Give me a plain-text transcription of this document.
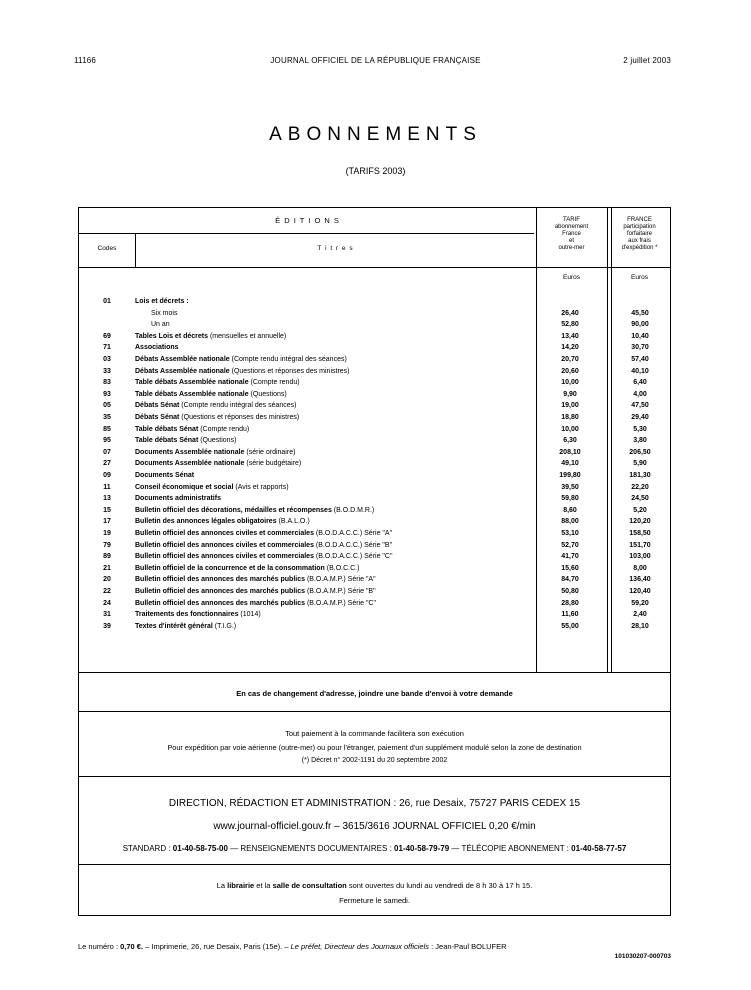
11166	JOURNAL OFFICIEL DE LA RÉPUBLIQUE FRANÇAISE	2 juillet 2003
ABONNEMENTS
(TARIFS 2003)
É D I T I O N S
Codes	T i t r e s
TARIF
abonnement
France
et
outre-mer
FRANCE
participation
forfaitaire
aux frais
d'expédition *
Euros	Euros
01	Lois et décrets :
Six mois	26,40	45,50
Un an	52,80	90,00
69	Tables Lois et décrets (mensuelles et annuelle)	13,40	10,40
71	Associations	14,20	30,70
03	Débats Assemblée nationale (Compte rendu intégral des séances)	20,70	57,40
33	Débats Assemblée nationale (Questions et réponses des ministres)	20,60	40,10
83	Table débats Assemblée nationale (Compte rendu)	10,00	6,40
93	Table débats Assemblée nationale (Questions)	9,90	4,00
05	Débats Sénat (Compte rendu intégral des séances)	19,00	47,50
35	Débats Sénat (Questions et réponses des ministres)	18,80	29,40
85	Table débats Sénat (Compte rendu)	10,00	5,30
95	Table débats Sénat (Questions)	6,30	3,80
07	Documents Assemblée nationale (série ordinaire)	208,10	206,50
27	Documents Assemblée nationale (série budgétaire)	49,10	5,90
09	Documents Sénat	199,80	181,30
11	Conseil économique et social (Avis et rapports)	39,50	22,20
13	Documents administratifs	59,80	24,50
15	Bulletin officiel des décorations, médailles et récompenses (B.O.D.M.R.)	8,60	5,20
17	Bulletin des annonces légales obligatoires (B.A.L.O.)	88,00	120,20
19	Bulletin officiel des annonces civiles et commerciales (B.O.D.A.C.C.) Série "A"	53,10	158,50
79	Bulletin officiel des annonces civiles et commerciales (B.O.D.A.C.C.) Série "B"	52,70	151,70
89	Bulletin officiel des annonces civiles et commerciales (B.O.D.A.C.C.) Série "C"	41,70	103,00
21	Bulletin officiel de la concurrence et de la consommation (B.O.C.C.)	15,60	8,00
20	Bulletin officiel des annonces des marchés publics (B.O.A.M.P.) Série "A"	84,70	136,40
22	Bulletin officiel des annonces des marchés publics (B.O.A.M.P.) Série "B"	50,80	120,40
24	Bulletin officiel des annonces des marchés publics (B.O.A.M.P.) Série "C"	28,80	59,20
31	Traitements des fonctionnaires (1014)	11,60	2,40
39	Textes d'intérêt général (T.I.G.)	55,00	28,10
En cas de changement d'adresse, joindre une bande d'envoi à votre demande
Tout paiement à la commande facilitera son exécution
Pour expédition par voie aérienne (outre-mer) ou pour l'étranger, paiement d'un supplément modulé selon la zone de destination
(*) Décret n° 2002-1191 du 20 septembre 2002
DIRECTION, RÉDACTION ET ADMINISTRATION : 26, rue Desaix, 75727 PARIS CEDEX 15
www.journal-officiel.gouv.fr – 3615/3616 JOURNAL OFFICIEL 0,20 €/min
STANDARD : 01-40-58-75-00 — RENSEIGNEMENTS DOCUMENTAIRES : 01-40-58-79-79 — TÉLÉCOPIE ABONNEMENT : 01-40-58-77-57
La librairie et la salle de consultation sont ouvertes du lundi au vendredi de 8 h 30 à 17 h 15.
Fermeture le samedi.
Le numéro : 0,70 €. – Imprimerie, 26, rue Desaix, Paris (15e). – Le préfet, Directeur des Journaux officiels : Jean-Paul BOLUFER
101030207-000703
